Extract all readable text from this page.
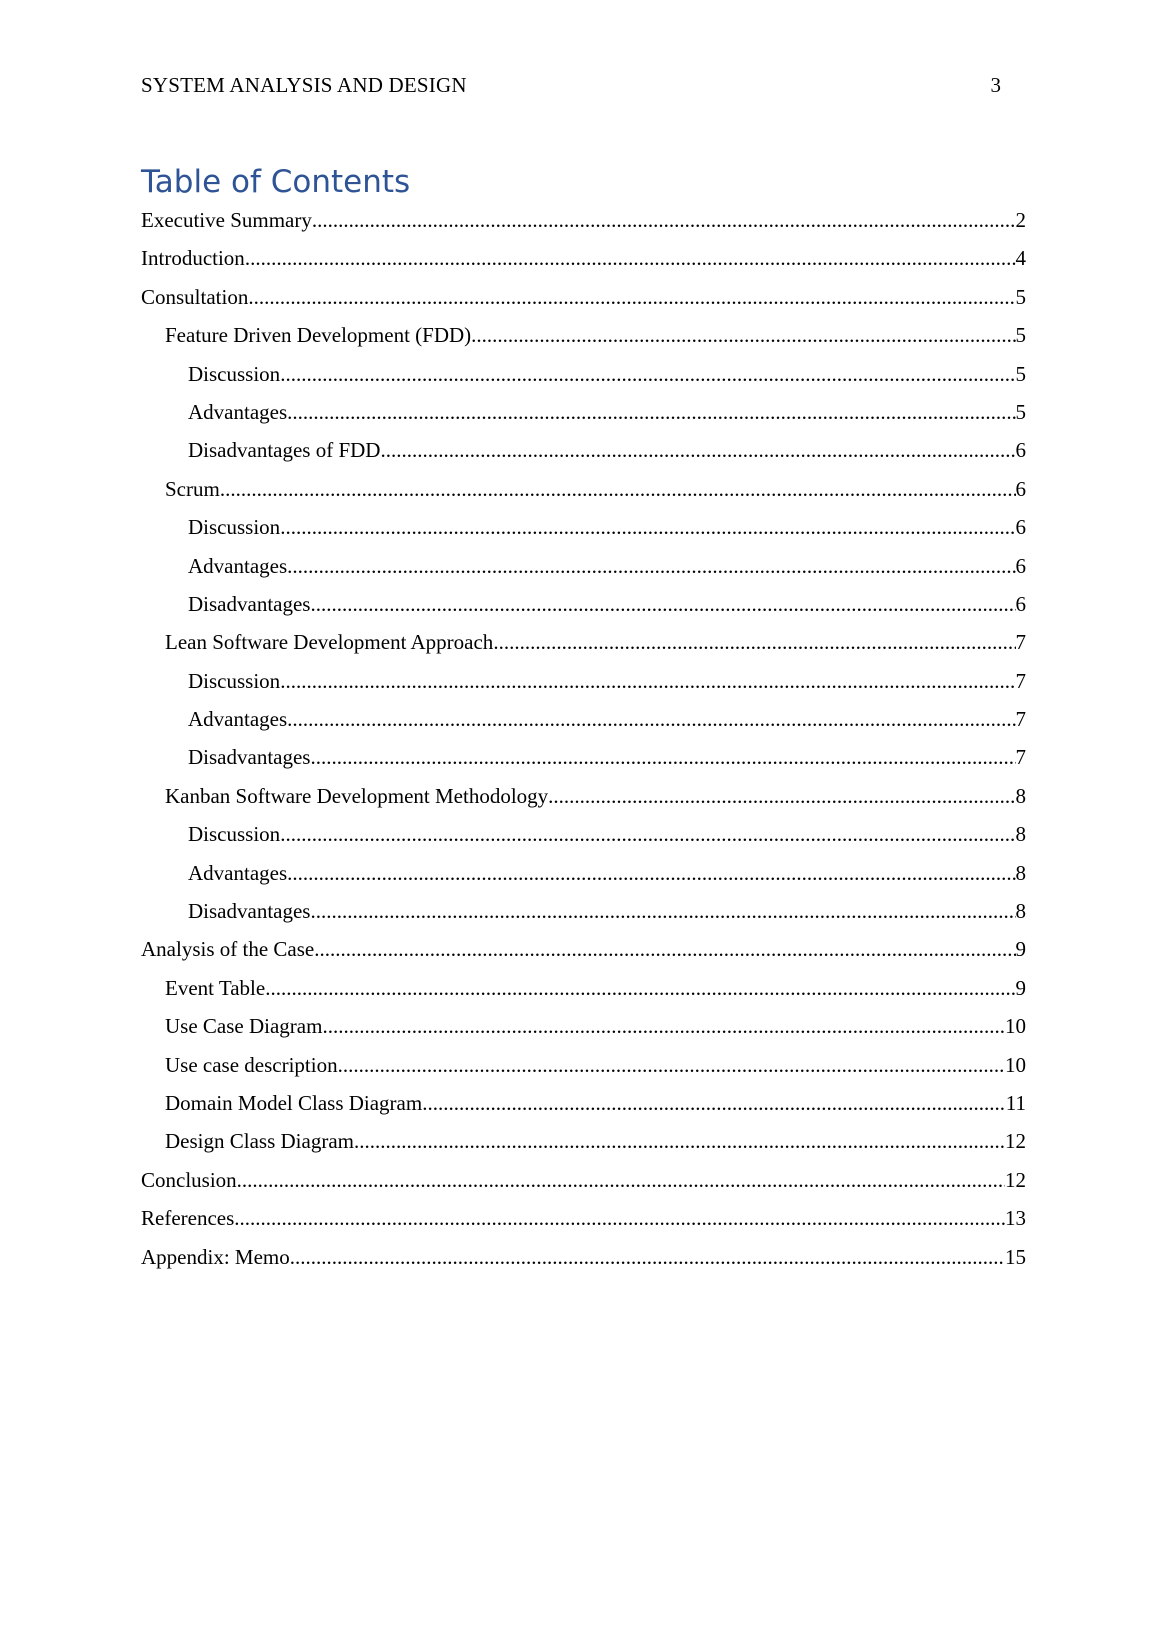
SYSTEM ANALYSIS AND DESIGN	3
Table of Contents
Executive Summary .....	2
Introduction .....	4
Consultation .....	5
Feature Driven Development (FDD) .....	5
Discussion .....	5
Advantages .....	5
Disadvantages of FDD .....	6
Scrum .....	6
Discussion .....	6
Advantages .....	6
Disadvantages .....	6
Lean Software Development Approach .....	7
Discussion .....	7
Advantages .....	7
Disadvantages .....	7
Kanban Software Development Methodology .....	8
Discussion .....	8
Advantages .....	8
Disadvantages .....	8
Analysis of the Case .....	9
Event Table .....	9
Use Case Diagram .....	10
Use case description .....	10
Domain Model Class Diagram .....	11
Design Class Diagram .....	12
Conclusion .....	12
References .....	13
Appendix: Memo .....	15
